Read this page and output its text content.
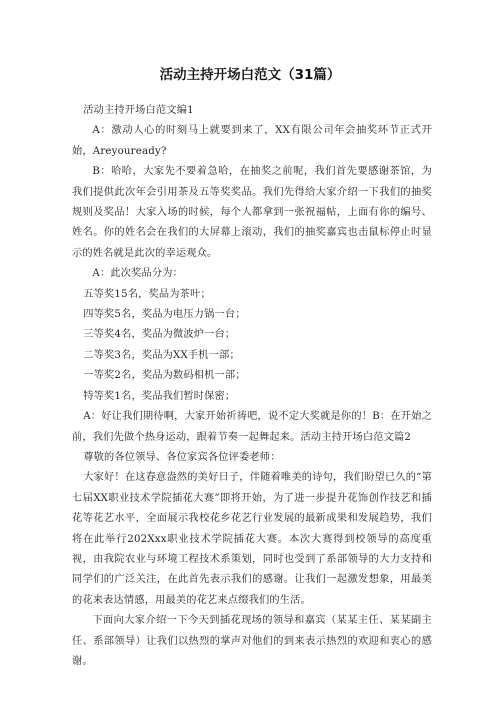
活动主持开场白范文（31篇）

活动主持开场白范文编1

A：激动人心的时刻马上就要到来了，XX有限公司年会抽奖环节正式开始，Areyouready?

B：哈哈，大家先不要着急哈，在抽奖之前呢，我们首先要感谢茶馆，为我们提供此次年会引用茶及五等奖奖品。我们先得给大家介绍一下我们的抽奖规则及奖品！大家入场的时候，每个人都拿到一张祝福帖，上面有你的编号、姓名。你的姓名会在我们的大屏幕上滚动，我们的抽奖嘉宾也击鼠标停止时显示的姓名就是此次的幸运观众。

A：此次奖品分为：

五等奖15名，奖品为茶叶；

四等奖5名，奖品为电压力锅一台；

三等奖4名，奖品为微波炉一台；

二等奖3名，奖品为XX手机一部；

一等奖2名，奖品为数码相机一部；

特等奖1名，奖品我们暂时保密；

A：好让我们期待啊，大家开始祈祷吧，说不定大奖就是你的！B：在开始之前，我们先做个热身运动，跟着节奏一起舞起来。活动主持开场白范文篇2

尊敬的各位领导、各位家宾各位评委老师：

大家好！在这春意盎然的美好日子，伴随着唯美的诗句，我们盼望已久的“第七届XX职业技术学院插花大赛”即将开始，为了进一步提升花饰创作技艺和插花等花艺水平，全面展示我校花乡花艺行业发展的最新成果和发展趋势，我们将在此举行202Xxx职业技术学院插花大赛。本次大赛得到校领导的高度重视，由我院农业与环境工程技术系策划，同时也受到了系部领导的大力支持和同学们的广泛关注，在此首先表示我们的感谢。让我们一起激发想象，用最美的花来表达情感，用最美的花艺来点缀我们的生活。

下面向大家介绍一下今天到插花现场的领导和嘉宾（某某主任、某某副主任、系部领导）让我们以热烈的掌声对他们的到来表示热烈的欢迎和衷心的感谢。
